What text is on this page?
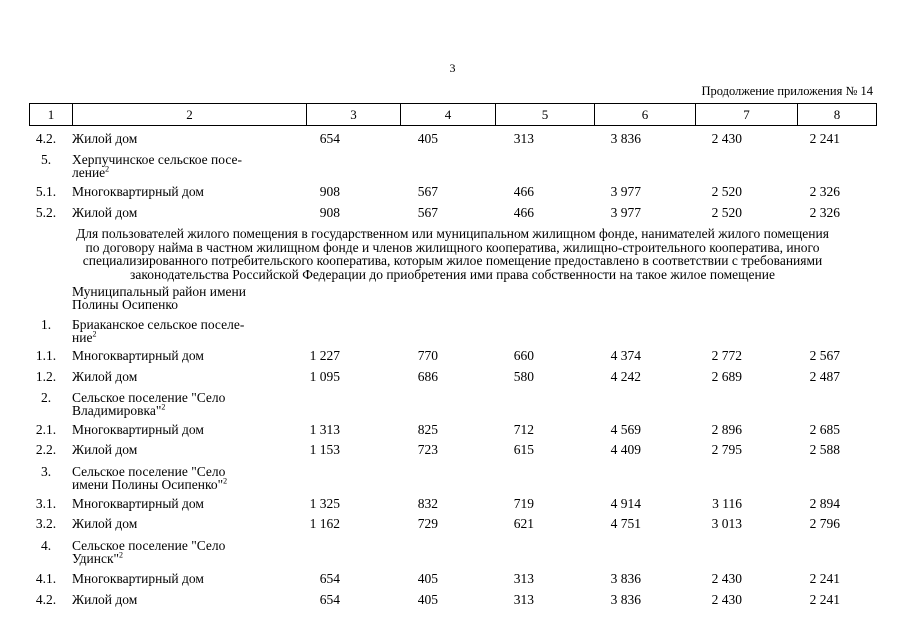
3
Продолжение приложения № 14
1	2	3	4	5	6	7	8
4.2.	Жилой дом	654	405	313	3 836	2 430	2 241
5.	Херпучинское сельское посе-
ление$^2$
5.1.	Многоквартирный дом	908	567	466	3 977	2 520	2 326
5.2.	Жилой дом	908	567	466	3 977	2 520	2 326
Для пользователей жилого помещения в государственном или муниципальном жилищном фонде, нанимателей жилого помещения
по договору найма в частном жилищном фонде и членов жилищного кооператива, жилищно-строительного кооператива, иного
специализированного потребительского кооператива, которым жилое помещение предоставлено в соответствии с требованиями
законодательства Российской Федерации до приобретения ими права собственности на такое жилое помещение
Муниципальный район имени
Полины Осипенко
1.	Бриаканское сельское поселе-
ние$^2$
1.1.	Многоквартирный дом	1 227	770	660	4 374	2 772	2 567
1.2.	Жилой дом	1 095	686	580	4 242	2 689	2 487
2.	Сельское поселение "Село
Владимировка"$^2$
2.1.	Многоквартирный дом	1 313	825	712	4 569	2 896	2 685
2.2.	Жилой дом	1 153	723	615	4 409	2 795	2 588
3.	Сельское поселение "Село
имени Полины Осипенко"$^2$
3.1.	Многоквартирный дом	1 325	832	719	4 914	3 116	2 894
3.2.	Жилой дом	1 162	729	621	4 751	3 013	2 796
4.	Сельское поселение "Село
Удинск"$^2$
4.1.	Многоквартирный дом	654	405	313	3 836	2 430	2 241
4.2.	Жилой дом	654	405	313	3 836	2 430	2 241
